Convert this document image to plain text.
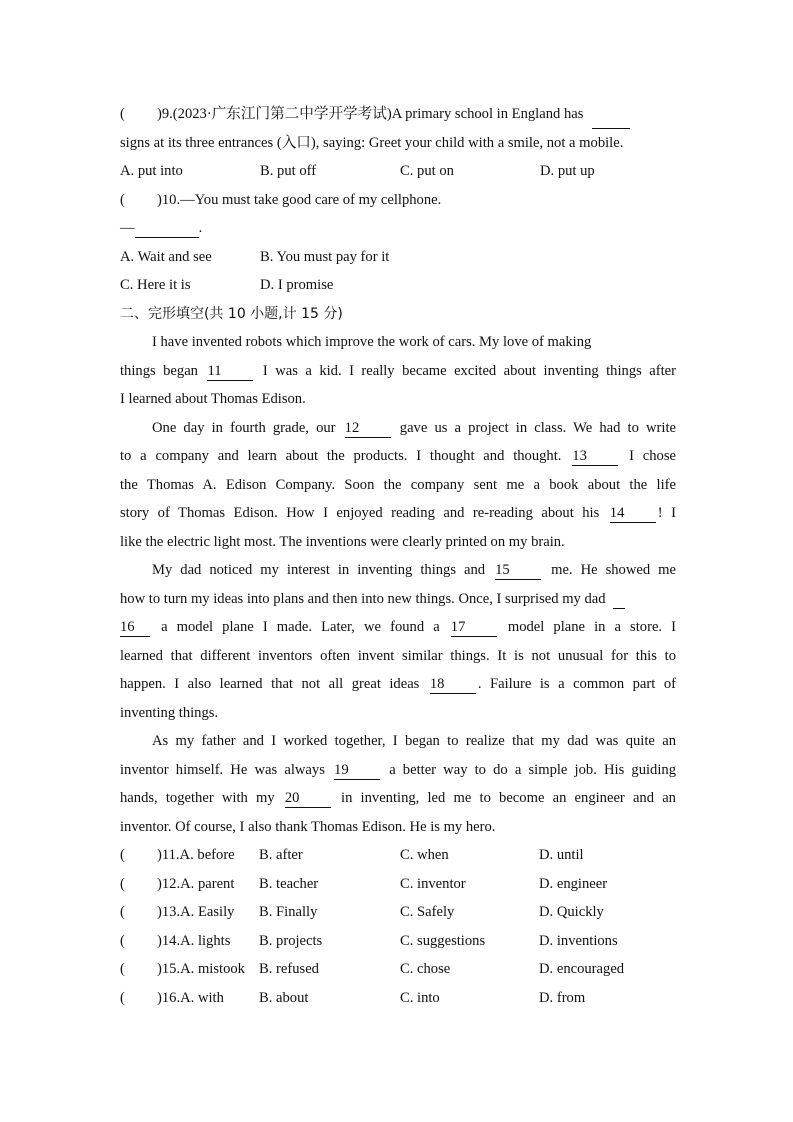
(	)9.(2023·广东江门第二中学开学考试)A primary school in England has

signs at its three entrances (入口), saying: Greet your child with a smile, not a mobile.
A. put into	B. put off	C. put on	D. put up
(	)10.—You must take good care of my cellphone.
—	.
A. Wait and see	B. You must pay for it
C. Here it is	D. I promise
二、完形填空(共 10 小题,计 15 分)
I have invented robots which improve the work of cars. My love of making
things began 11	I was a kid. I really became excited about inventing things after
I learned about Thomas Edison.
One day in fourth grade, our 12	gave us a project in class. We had to write
to a company and learn about the products. I thought and thought. 13	I chose
the Thomas A. Edison Company. Soon the company sent me a book about the life
story of Thomas Edison. How I enjoyed reading and re-reading about his 14 ! I
like the electric light most. The inventions were clearly printed on my brain.
My dad noticed my interest in inventing things and 15	me. He showed me
how to turn my ideas into plans and then into new things. Once, I surprised my dad
16 a model plane I made. Later, we found a 17	model plane in a store. I
learned that different inventors often invent similar things. It is not unusual for this to
happen. I also learned that not all great ideas 18 . Failure is a common part of
inventing things.
As my father and I worked together, I began to realize that my dad was quite an
inventor himself. He was always 19	a better way to do a simple job. His guiding
hands, together with my 20	in inventing, led me to become an engineer and an
inventor. Of course, I also thank Thomas Edison. He is my hero.
(	)11.A. before	B. after	C. when	D. until
(	)12.A. parent	B. teacher	C. inventor	D. engineer
(	)13.A. Easily	B. Finally	C. Safely	D. Quickly
(	)14.A. lights	B. projects	C. suggestions	D. inventions
(	)15.A. mistook B. refused	C. chose	D. encouraged
(	)16.A. with	B. about	C. into	D. from
